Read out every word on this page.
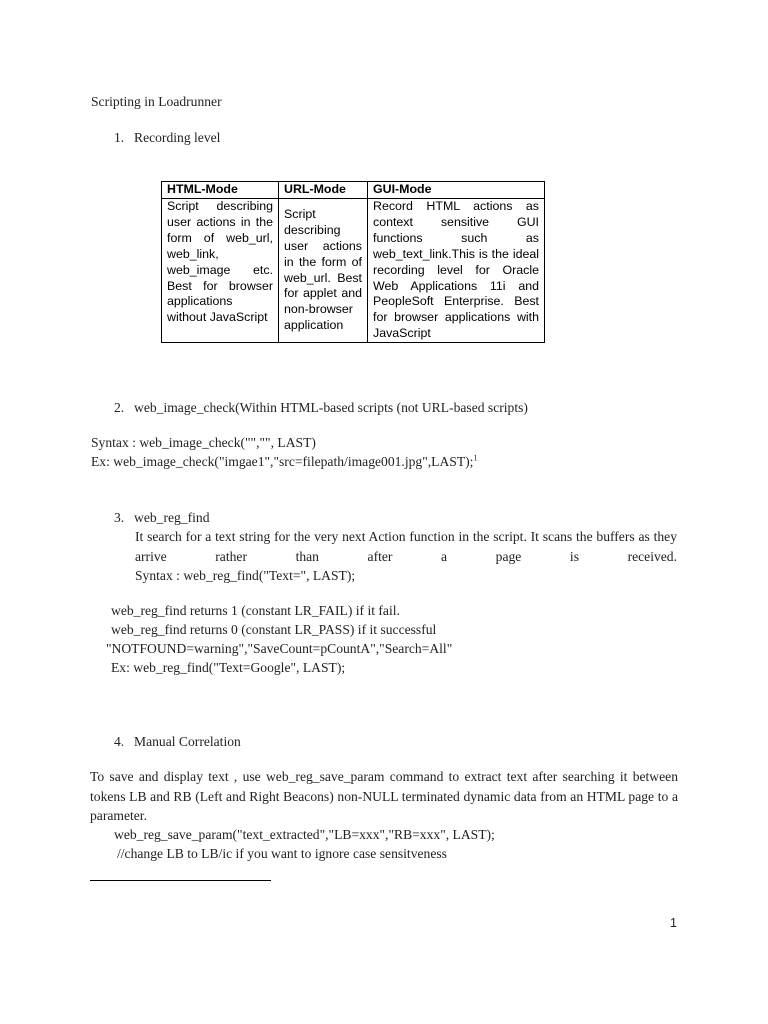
Scripting in Loadrunner
1. Recording level
HTML-Mode	URL-Mode	GUI-Mode
Script describing user actions in the form of web_url, web_link, web_image etc. Best for browser applications without JavaScript	Script describing user actions in the form of web_url. Best for applet and non-browser application	Record HTML actions as context sensitive GUI functions such as web_text_link.This is the ideal recording level for Oracle Web Applications 11i and PeopleSoft Enterprise. Best for browser applications with JavaScript
2. web_image_check(Within HTML-based scripts (not URL-based scripts)
Syntax : web_image_check("","", LAST)
Ex: web_image_check("imgae1","src=filepath/image001.jpg",LAST);$^1$
3. web_reg_find
It search for a text string for the very next Action function in the script. It scans the buffers as they arrive rather than after a page is received.
Syntax : web_reg_find("Text=", LAST);
web_reg_find returns 1 (constant LR_FAIL) if it fail.
web_reg_find returns 0 (constant LR_PASS) if it successful
"NOTFOUND=warning","SaveCount=pCountA","Search=All"
Ex: web_reg_find("Text=Google", LAST);
4. Manual Correlation
To save and display text , use web_reg_save_param command to extract text after searching it between tokens LB and RB (Left and Right Beacons) non-NULL terminated dynamic data from an HTML page to a parameter.
web_reg_save_param("text_extracted","LB=xxx","RB=xxx", LAST);
//change LB to LB/ic if you want to ignore case sensitveness
1
